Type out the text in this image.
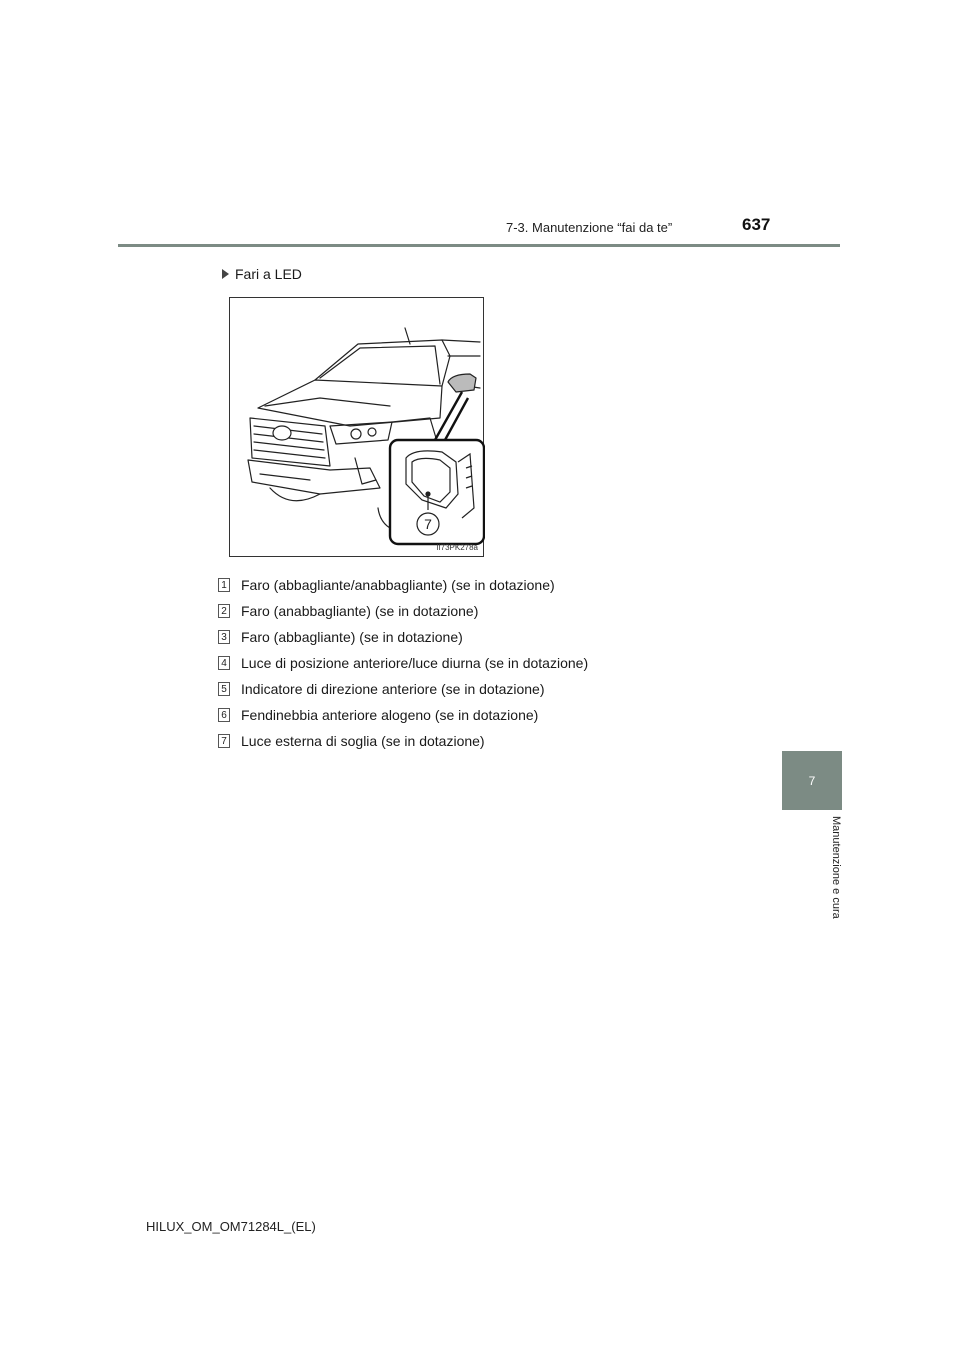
7-3. Manutenzione “fai da te”	637
Fari a LED
7
II73PK278a
1 Faro (abbagliante/anabbagliante) (se in dotazione)
2 Faro (anabbagliante) (se in dotazione)
3 Faro (abbagliante) (se in dotazione)
4 Luce di posizione anteriore/luce diurna (se in dotazione)
5 Indicatore di direzione anteriore (se in dotazione)
6 Fendinebbia anteriore alogeno (se in dotazione)
7 Luce esterna di soglia (se in dotazione)
7
Manutenzione e cura
HILUX_OM_OM71284L_(EL)
